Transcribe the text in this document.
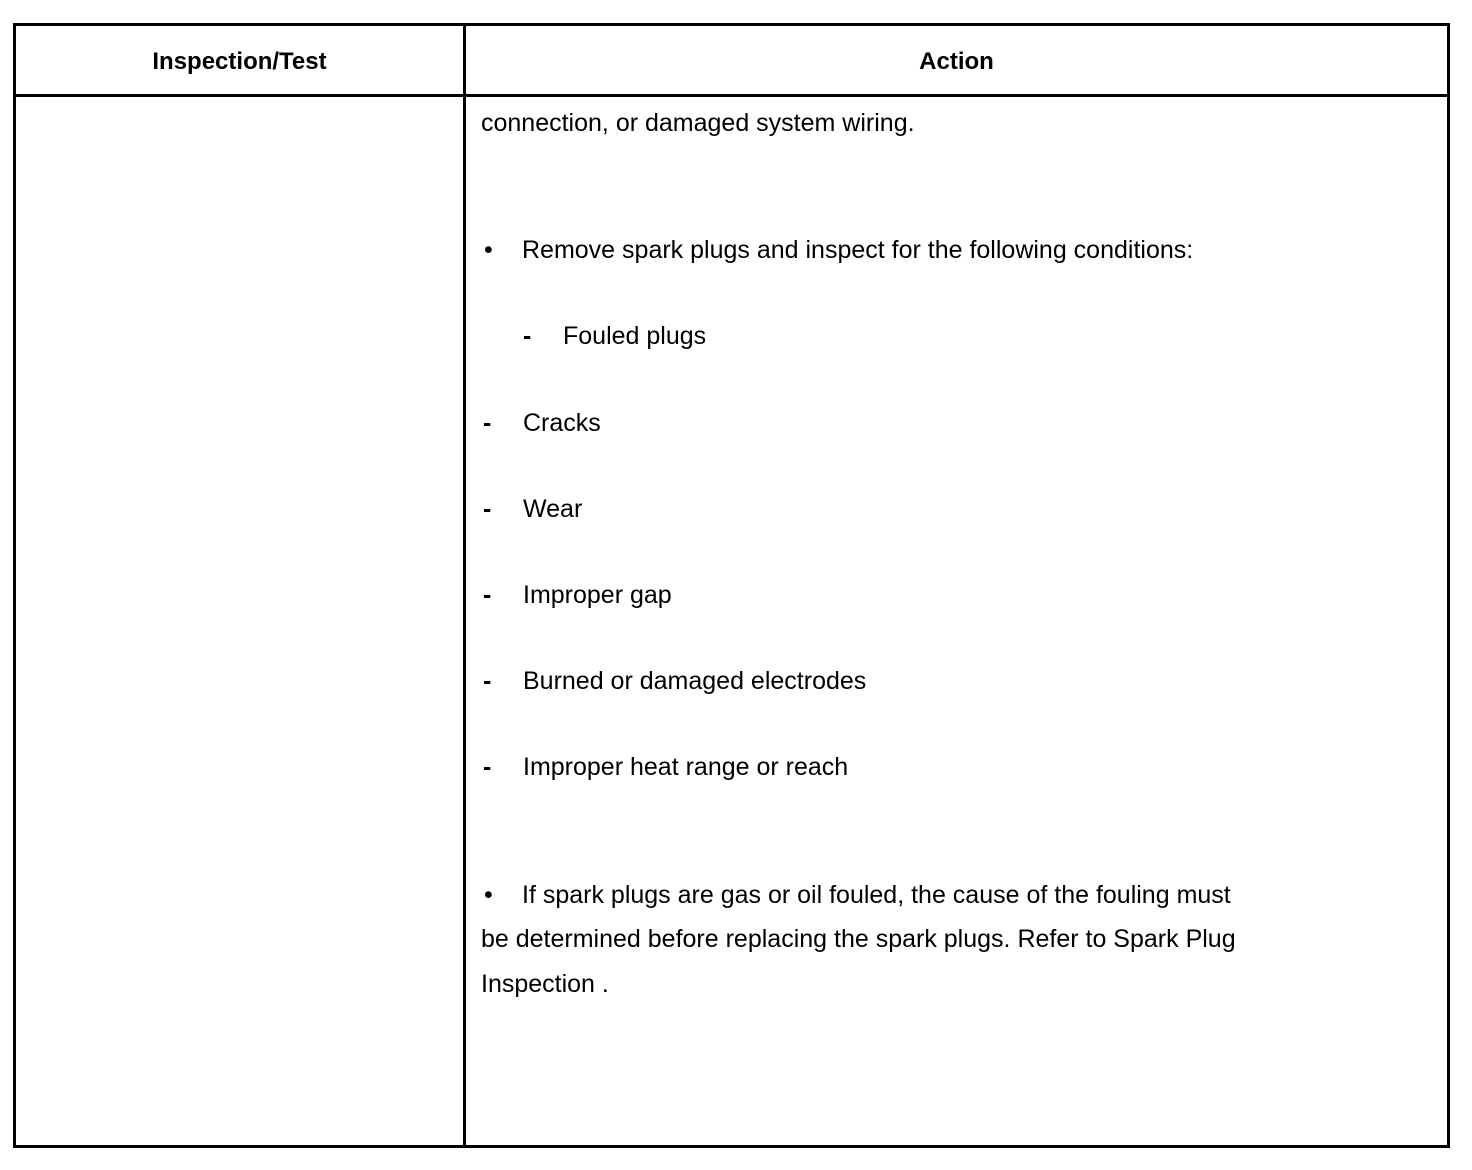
Inspection/Test	Action
connection, or damaged system wiring.
• Remove spark plugs and inspect for the following conditions:
- Fouled plugs
- Cracks
- Wear
- Improper gap
- Burned or damaged electrodes
- Improper heat range or reach
• If spark plugs are gas or oil fouled, the cause of the fouling must
be determined before replacing the spark plugs. Refer to Spark Plug
Inspection .
